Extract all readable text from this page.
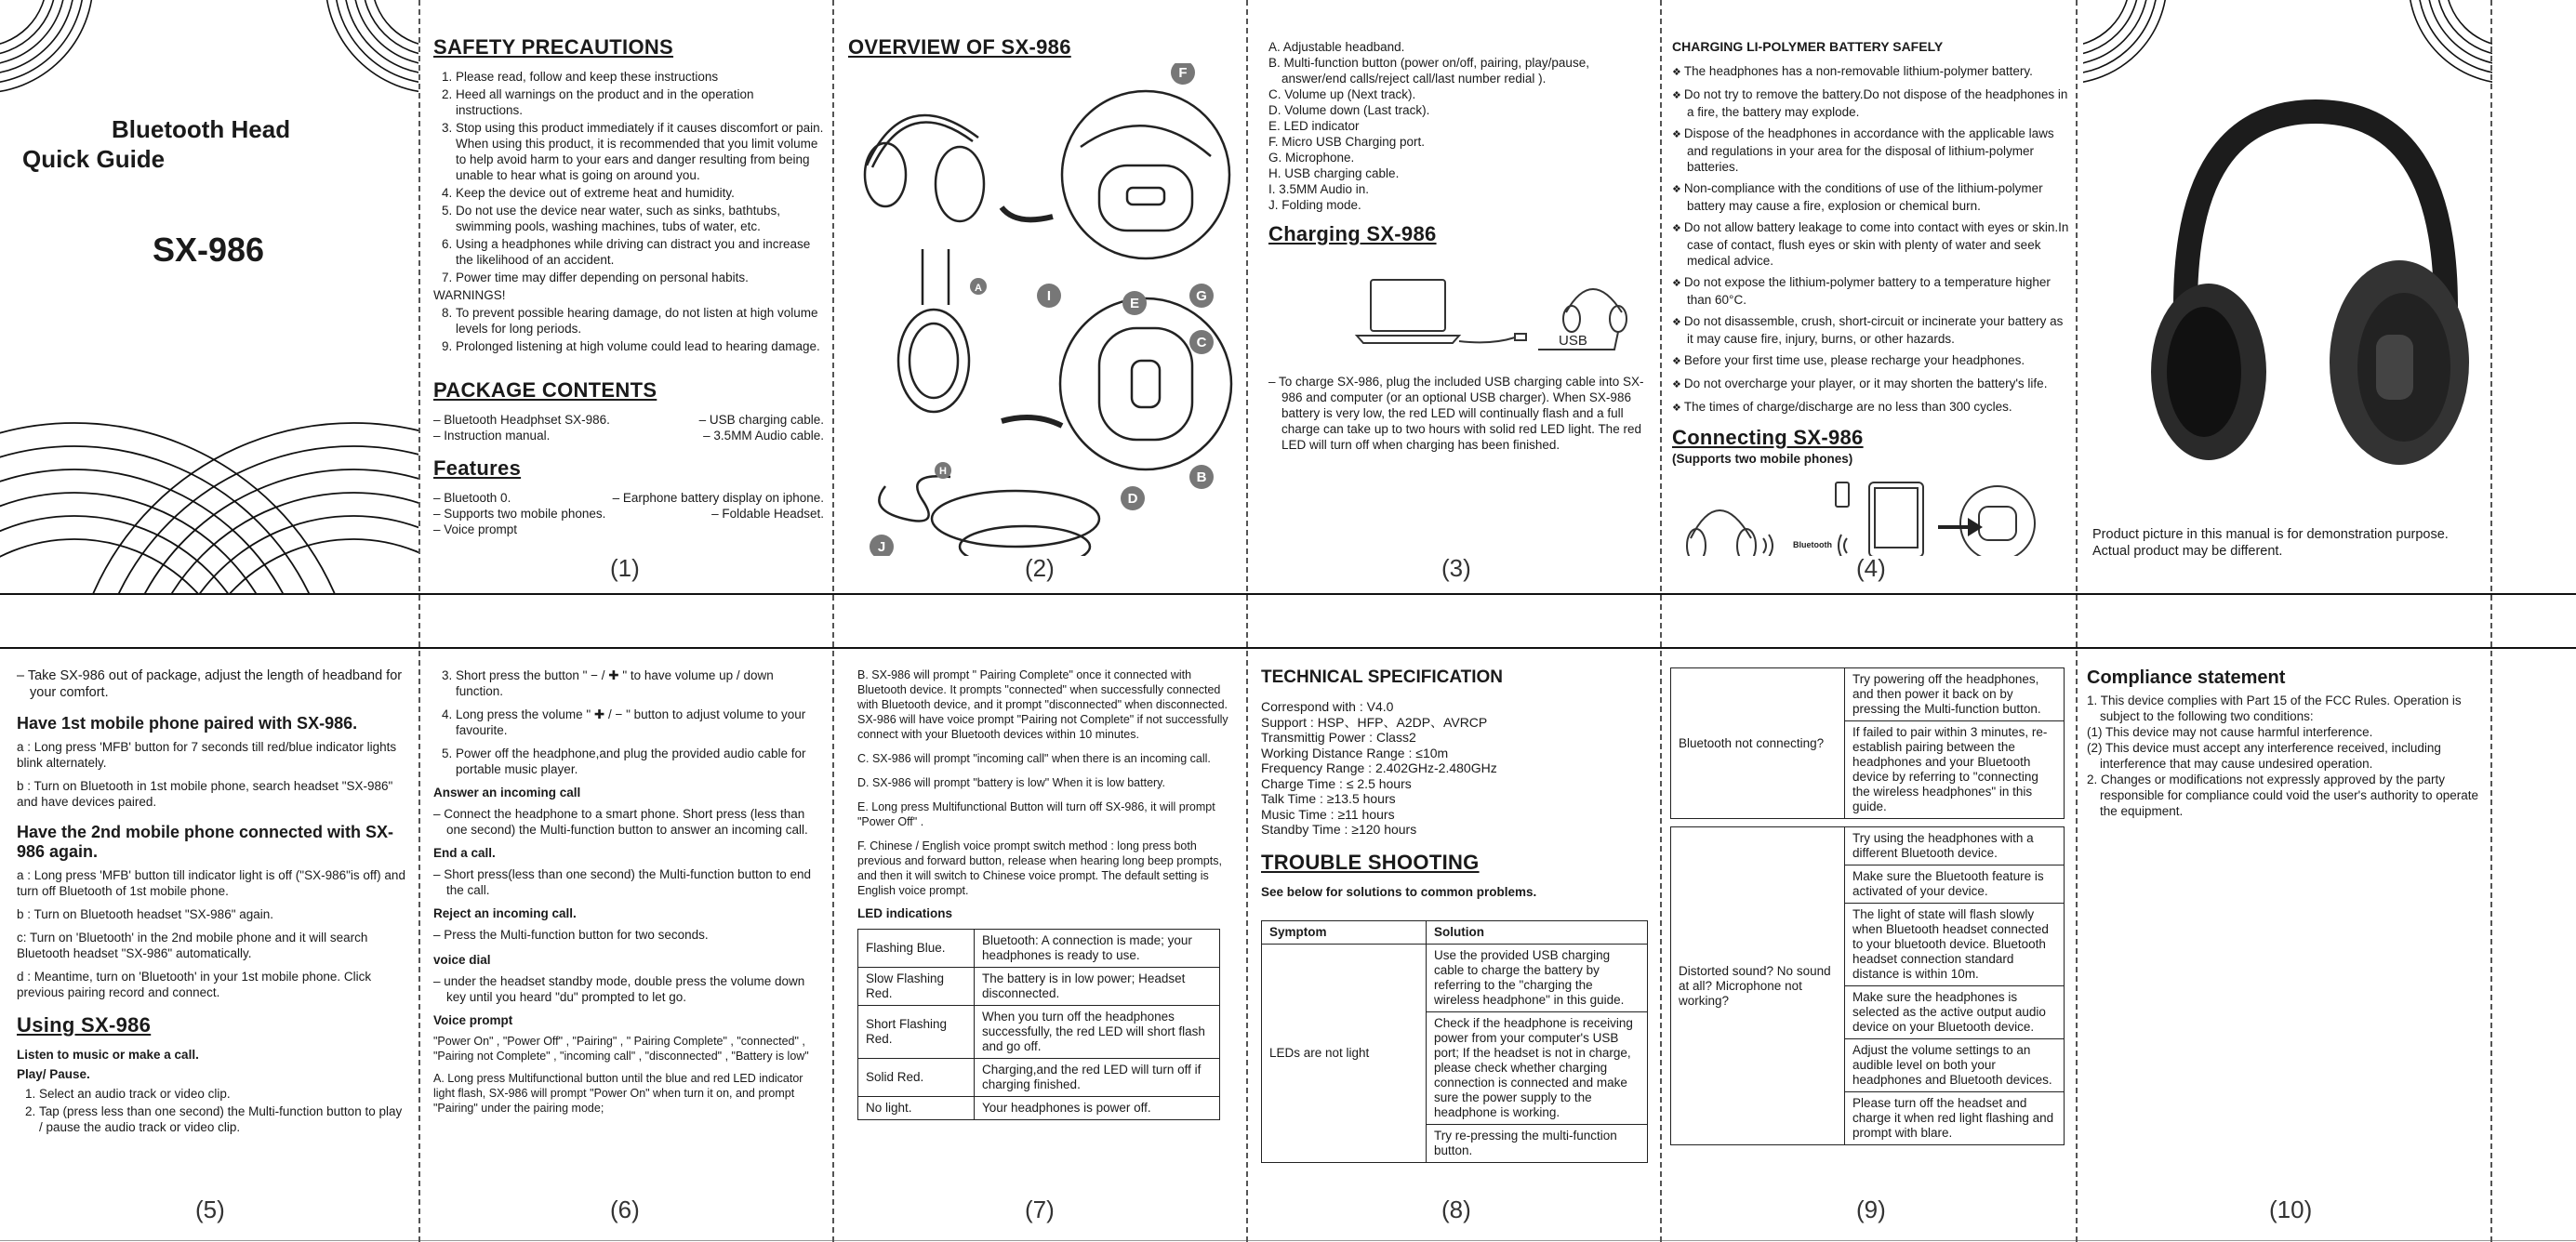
Bluetooth Head
Quick Guide
SX-986
SAFETY PRECAUTIONS
1. Please read, follow and keep these instructions
2. Heed all warnings on the product and in the operation instructions.
3. Stop using this product immediately if it causes discomfort or pain. When using this product, it is recommended that you limit volume to help avoid harm to your ears and danger resulting from being unable to hear what is going on around you.
4. Keep the device out of extreme heat and humidity.
5. Do not use the device near water, such as sinks, bathtubs, swimming pools, washing machines, tubs of water, etc.
6. Using a headphones while driving can distract you and increase the likelihood of an accident.
7. Power time may differ depending on personal habits.
WARNINGS!
8. To prevent possible hearing damage, do not listen at high volume levels for long periods.
9. Prolonged listening at high volume could lead to hearing damage.
PACKAGE CONTENTS
– Bluetooth Headphset SX-986.
– Instruction manual.
– USB charging cable.
– 3.5MM Audio cable.
Features
– Bluetooth 0.
– Supports two mobile phones.
– Voice prompt
– Earphone battery display on iphone.
– Foldable Headset.
(1)
OVERVIEW OF SX-986
F
A	I	E	G
C
H
D
B
J
(2)
A. Adjustable headband.
B. Multi-function button (power on/off, pairing, play/pause, answer/end calls/reject call/last number redial ).
C. Volume up (Next track).
D. Volume down (Last track).
E. LED indicator
F. Micro USB Charging port.
G. Microphone.
H. USB charging cable.
I. 3.5MM Audio in.
J. Folding mode.
Charging SX-986
USB
– To charge SX-986, plug the included USB charging cable into SX-986 and computer (or an optional USB charger). When SX-986 battery is very low, the red LED will continually flash and a full charge can take up to two hours with solid red LED light. The red LED will turn off when charging has been finished.
(3)
CHARGING LI-POLYMER BATTERY SAFELY
❖ The headphones has a non-removable lithium-polymer battery.
❖ Do not try to remove the battery.Do not dispose of the headphones in a fire, the battery may explode.
❖ Dispose of the headphones in accordance with the applicable laws and regulations in your area for the disposal of lithium-polymer batteries.
❖ Non-compliance with the conditions of use of the lithium-polymer battery may cause a fire, explosion or chemical burn.
❖ Do not allow battery leakage to come into contact with eyes or skin.In case of contact, flush eyes or skin with plenty of water and seek medical advice.
❖ Do not expose the lithium-polymer battery to a temperature higher than 60°C.
❖ Do not disassemble, crush, short-circuit or incinerate your battery as it may cause fire, injury, burns, or other hazards.
❖ Before your first time use, please recharge your headphones.
❖ Do not overcharge your player, or it may shorten the battery's life.
❖ The times of charge/discharge are no less than 300 cycles.
Connecting SX-986
(Supports two mobile phones)
Bluetooth
(4)
Product picture in this manual is for demonstration purpose. Actual product may be different.
– Take SX-986 out of package, adjust the length of headband for your comfort.
Have 1st mobile phone paired with SX-986.

a : Long press 'MFB' button for 7 seconds till red/blue indicator lights blink alternately.

b : Turn on Bluetooth in 1st mobile phone, search headset "SX-986" and have devices paired.

Have the 2nd mobile phone connected with SX-986 again.

a : Long press 'MFB' button till indicator light is off ("SX-986"is off) and turn off Bluetooth of 1st mobile phone.

b : Turn on Bluetooth headset "SX-986" again.

c: Turn on 'Bluetooth' in the 2nd mobile phone and it will search Bluetooth headset "SX-986" automatically.

d : Meantime, turn on 'Bluetooth' in your 1st mobile phone. Click previous pairing record and connect.

Using SX-986
Listen to music or make a call.
Play/ Pause.
1. Select an audio track or video clip.
2. Tap (press less than one second) the Multi-function button to play / pause the audio track or video clip.
(5)
3. Short press the button " − / ✚ " to have volume up / down function.
4. Long press the volume " ✚ / − " button to adjust volume to your favourite.
5. Power off the headphone,and plug the provided audio cable for portable music player.
Answer an incoming call
– Connect the headphone to a smart phone. Short press (less than one second) the Multi-function button to answer an incoming call.
End a call.
– Short press(less than one second) the Multi-function button to end the call.
Reject an incoming call.
– Press the Multi-function button for two seconds.
voice dial
– under the headset standby mode, double press the volume down key until you heard "du" prompted to let go.
Voice prompt

"Power On" , "Power Off" , "Pairing" , " Pairing Complete" , "connected" , "Pairing not Complete" , "incoming call" , "disconnected" , "Battery is low"

A. Long press Multifunctional button until the blue and red LED indicator light flash, SX-986 will prompt "Power On" when turn it on, and prompt "Pairing" under the pairing mode;

(6)

B. SX-986 will prompt " Pairing Complete" once it connected with Bluetooth device. It prompts "connected" when successfully connected with Bluetooth device, and it prompt "disconnected" when disconnected. SX-986 will have voice prompt "Pairing not Complete" if not successfully connect with your Bluetooth devices within 10 minutes.

C. SX-986 will prompt "incoming call" when there is an incoming call.

D. SX-986 will prompt "battery is low" When it is low battery.

E. Long press Multifunctional Button will turn off SX-986, it will prompt "Power Off" .

F. Chinese / English voice prompt switch method : long press both previous and forward button, release when hearing long beep prompts, and then it will switch to Chinese voice prompt. The default setting is English voice prompt.

LED indications
Flashing Blue.	Bluetooth: A connection is made; your headphones is ready to use.
Slow Flashing Red.	The battery is in low power; Headset disconnected.
Short Flashing Red.	When you turn off the headphones successfully, the red LED will short flash and go off.
Solid Red.	Charging,and the red LED will turn off if charging finished.
No light.	Your headphones is power off.
(7)
TECHNICAL SPECIFICATION
Correspond with : V4.0
Support : HSP、HFP、A2DP、AVRCP
Transmittig Power : Class2
Working Distance Range : ≤10m
Frequency Range : 2.402GHz-2.480GHz
Charge Time : ≤ 2.5 hours
Talk Time : ≥13.5 hours
Music Time : ≥11 hours
Standby Time : ≥120 hours
TROUBLE SHOOTING
See below for solutions to common problems.
Symptom	Solution
LEDs are not light	Use the provided USB charging cable to charge the battery by referring to the "charging the wireless headphone" in this guide.
	Check if the headphone is receiving power from your computer's USB port; If the headset is not in charge, please check whether charging connection is connected and make sure the power supply to the headphone is working.
	Try re-pressing the multi-function button.
(8)
Bluetooth not connecting?	Try powering off the headphones, and then power it back on by pressing the Multi-function button.
	If failed to pair within 3 minutes, re-establish pairing between the headphones and your Bluetooth device by referring to "connecting the wireless headphones" in this guide.

Distorted sound? No sound at all? Microphone not working?	Try using the headphones with a different Bluetooth device.
	Make sure the Bluetooth feature is activated of your device.
	The light of state will flash slowly when Bluetooth headset connected to your bluetooth device. Bluetooth headset connection standard distance is within 10m.
	Make sure the headphones is selected as the active output audio device on your Bluetooth device.
	Adjust the volume settings to an audible level on both your headphones and Bluetooth devices.
	Please turn off the headset and charge it when red light flashing and prompt with blare.
(9)
Compliance statement
1. This device complies with Part 15 of the FCC Rules. Operation is subject to the following two conditions:
(1) This device may not cause harmful interference.
(2) This device must accept any interference received, including interference that may cause undesired operation.
2. Changes or modifications not expressly approved by the party responsible for compliance could void the user's authority to operate the equipment.
(10)
